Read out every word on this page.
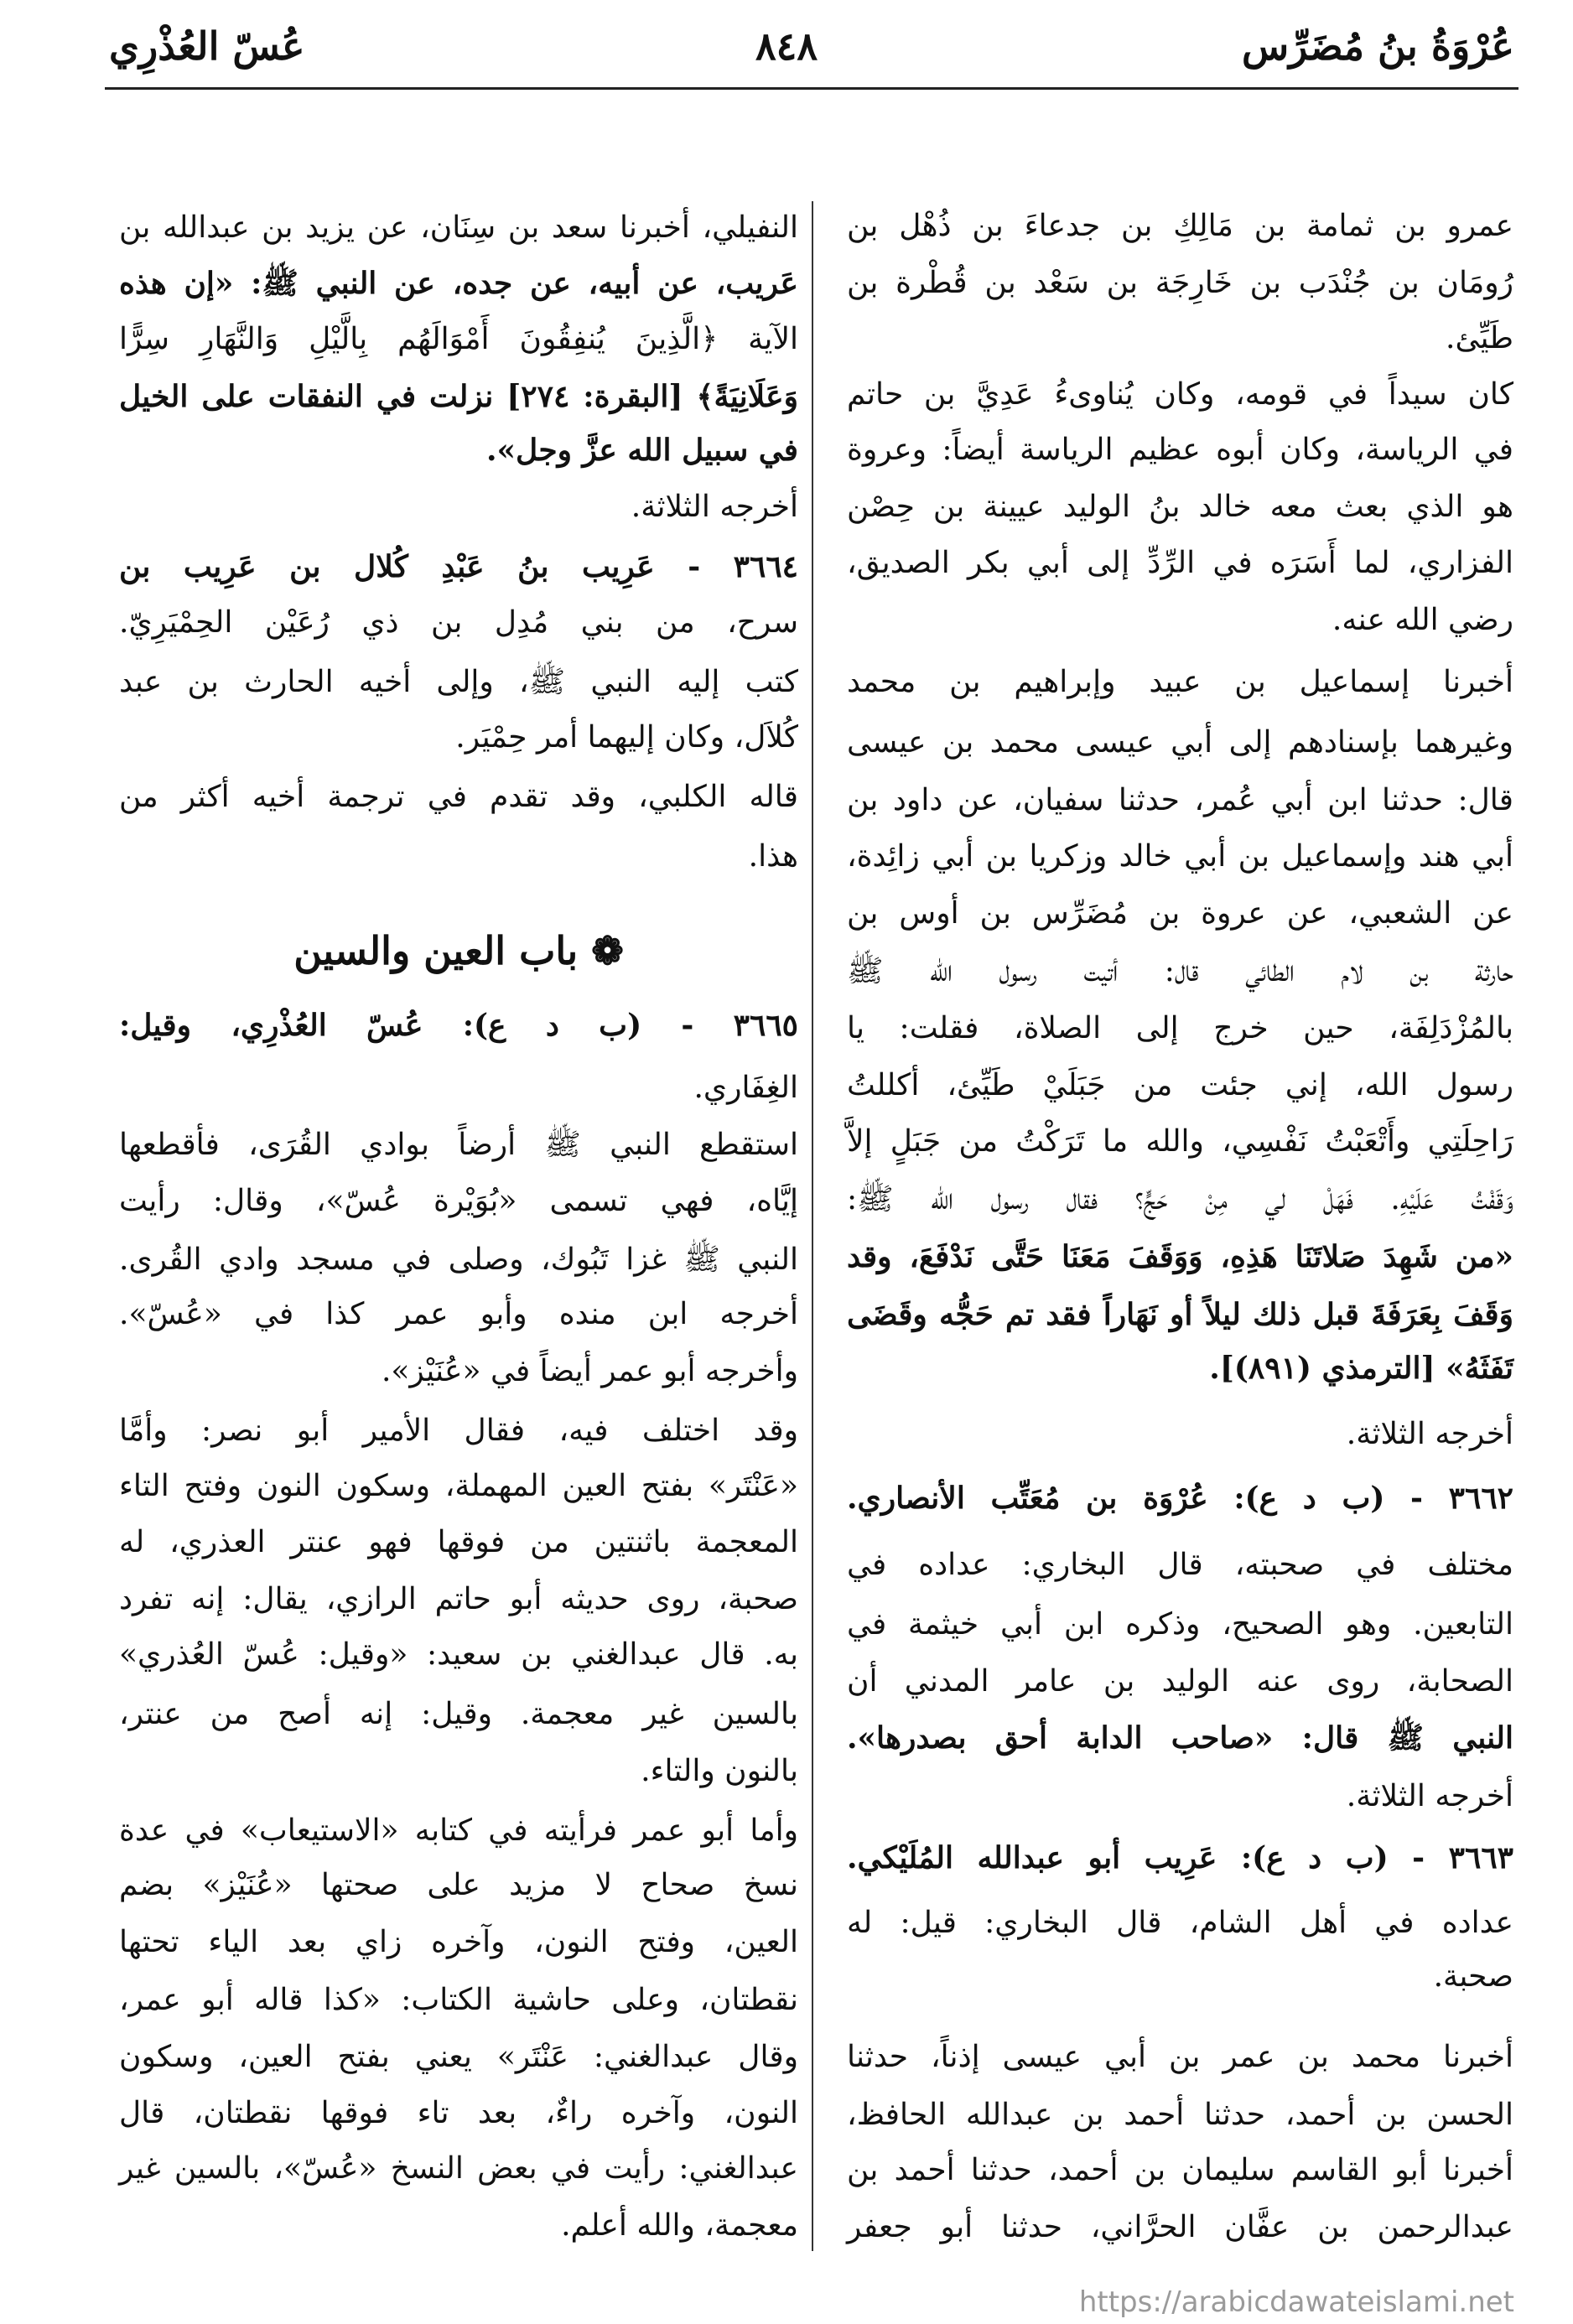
٨٤٨	عُرْوَةُ بنُ مُضَرِّس
عُسّ العُذْرِي
عمرو بن ثمامة بن مَالِكِ بن جدعاءَ بن ذُهْل بن
رُومَان بن جُنْدَب بن خَارِجَة بن سَعْد بن قُطْرة بن
طَيِّئ.
كان سيداً في قومه، وكان يُناوىءُ عَدِيَّ بن حاتم
في الرياسة، وكان أبوه عظيم الرياسة أيضاً: وعروة
هو الذي بعث معه خالد بنُ الوليد عيينة بن حِصْن
الفزاري، لما أَسَرَه في الرِّدِّ إلى أبي بكر الصديق،
رضي الله عنه.
أخبرنا إسماعيل بن عبيد وإبراهيم بن محمد
وغيرهما بإسنادهم إلى أبي عيسى محمد بن عيسى
قال: حدثنا ابن أبي عُمر، حدثنا سفيان، عن داود بن
أبي هند وإسماعيل بن أبي خالد وزكريا بن أبي زائِدة،
عن الشعبي، عن عروة بن مُضَرِّس بن أوس بن
حارثة بن لام الطائي قال: أتيت رسول الله ﷺ
بالمُزْدَلِفَة، حين خرج إلى الصلاة، فقلت: يا
رسول الله، إني جئت من جَبَلَيْ طَيِّئ، أكللتُ
رَاحِلَتِي وأَتْعَبْتُ نَفْسِي، والله ما تَرَكْتُ من جَبَلٍ إلاَّ
وَقَفْتُ عَلَيْهِ. فَهَلْ لي مِنْ حَجٍّ؟ فقال رسول الله ﷺ:
«من شَهِدَ صَلاتَنَا هَذِهِ، وَوَقَفَ مَعَنَا حَتَّى نَدْفَعَ، وقد
وَقَفَ بِعَرَفَةَ قبل ذلك ليلاً أو نَهَاراً فقد تم حَجُّه وقَضَى
تَفَثَهُ» [الترمذي (٨٩١)].
أخرجه الثلاثة.
٣٦٦٢ - (ب د ع): عُرْوَة بن مُعَتِّب الأنصاري.
مختلف في صحبته، قال البخاري: عداده في
التابعين. وهو الصحيح، وذكره ابن أبي خيثمة في
الصحابة، روى عنه الوليد بن عامر المدني أن
النبي ﷺ قال: «صاحب الدابة أحق بصدرها».
أخرجه الثلاثة.
٣٦٦٣ - (ب د ع): عَرِيب أبو عبدالله المُلَيْكي.
عداده في أهل الشام، قال البخاري: قيل: له
صحبة.
أخبرنا محمد بن عمر بن أبي عيسى إذناً، حدثنا
الحسن بن أحمد، حدثنا أحمد بن عبدالله الحافظ،
أخبرنا أبو القاسم سليمان بن أحمد، حدثنا أحمد بن
عبدالرحمن بن عفَّان الحرَّاني، حدثنا أبو جعفر
النفيلي، أخبرنا سعد بن سِنَان، عن يزيد بن عبدالله بن
عَريب، عن أبيه، عن جده، عن النبي ﷺ: «إن هذه
الآية ﴿الَّذِينَ يُنفِقُونَ أَمْوَالَهُم بِالَّيْلِ وَالنَّهَارِ سِرًّا
وَعَلَانِيَةً﴾ [البقرة: ٢٧٤] نزلت في النفقات على الخيل
في سبيل الله عزَّ وجل».
أخرجه الثلاثة.
٣٦٦٤ - عَرِيب بنُ عَبْدِ كُلال بن عَرِيب بن
سرح، من بني مُدِل بن ذي رُعَيْن الحِمْيَرِيّ.
كتب إليه النبي ﷺ، وإلى أخيه الحارث بن عبد
كُلاَل، وكان إليهما أمر حِمْيَر.
قاله الكلبي، وقد تقدم في ترجمة أخيه أكثر من
هذا.
❁ باب العين والسين
٣٦٦٥ - (ب د ع): عُسّ العُذْرِي، وقيل:
الغِفَاري.
استقطع النبي ﷺ أرضاً بوادي القُرَى، فأقطعها
إيَّاه، فهي تسمى «بُوَيْرة عُسّ»، وقال: رأيت
النبي ﷺ غزا تَبُوك، وصلى في مسجد وادي القُرى.
أخرجه ابن منده وأبو عمر كذا في «عُسّ».
وأخرجه أبو عمر أيضاً في «عُنَيْز».
وقد اختلف فيه، فقال الأمير أبو نصر: وأمَّا
«عَنْتَر» بفتح العين المهملة، وسكون النون وفتح التاء
المعجمة باثنتين من فوقها فهو عنتر العذري، له
صحبة، روى حديثه أبو حاتم الرازي، يقال: إنه تفرد
به. قال عبدالغني بن سعيد: «وقيل: عُسّ العُذري»
بالسين غير معجمة. وقيل: إنه أصح من عنتر،
بالنون والتاء.
وأما أبو عمر فرأيته في كتابه «الاستيعاب» في عدة
نسخ صحاح لا مزيد على صحتها «عُنَيْز» بضم
العين، وفتح النون، وآخره زاي بعد الياء تحتها
نقطتان، وعلى حاشية الكتاب: «كذا قاله أبو عمر،
وقال عبدالغني: عَنْتَر» يعني بفتح العين، وسكون
النون، وآخره راءٌ، بعد تاء فوقها نقطتان، قال
عبدالغني: رأيت في بعض النسخ «عُسّ»، بالسين غير
معجمة، والله أعلم.
https://arabicdawateislami.net
